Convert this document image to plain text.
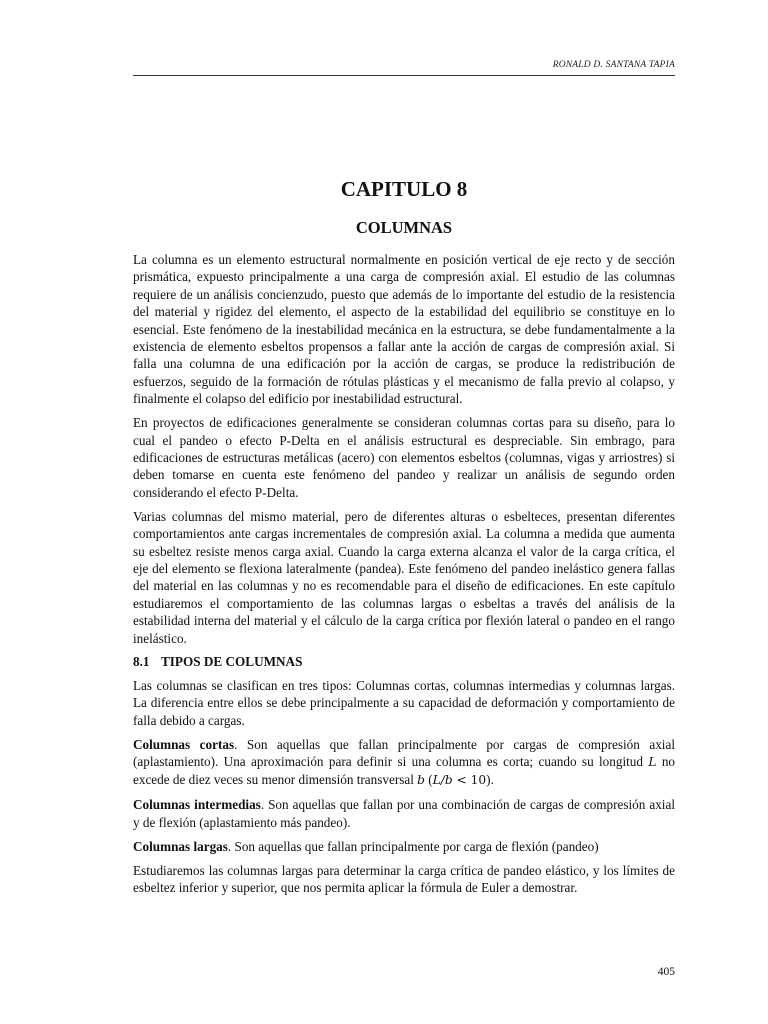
RONALD D. SANTANA TAPIA
CAPITULO 8
COLUMNAS

La columna es un elemento estructural normalmente en posición vertical de eje recto y de sección prismática, expuesto principalmente a una carga de compresión axial. El estudio de las columnas requiere de un análisis concienzudo, puesto que además de lo importante del estudio de la resistencia del material y rigidez del elemento, el aspecto de la estabilidad del equilibrio se constituye en lo esencial. Este fenómeno de la inestabilidad mecánica en la estructura, se debe fundamentalmente a la existencia de elemento esbeltos propensos a fallar ante la acción de cargas de compresión axial. Si falla una columna de una edificación por la acción de cargas, se produce la redistribución de esfuerzos, seguido de la formación de rótulas plásticas y el mecanismo de falla previo al colapso, y finalmente el colapso del edificio por inestabilidad estructural.

En proyectos de edificaciones generalmente se consideran columnas cortas para su diseño, para lo cual el pandeo o efecto P-Delta en el análisis estructural es despreciable. Sin embrago, para edificaciones de estructuras metálicas (acero) con elementos esbeltos (columnas, vigas y arriostres) si deben tomarse en cuenta este fenómeno del pandeo y realizar un análisis de segundo orden considerando el efecto P-Delta.

Varias columnas del mismo material, pero de diferentes alturas o esbelteces, presentan diferentes comportamientos ante cargas incrementales de compresión axial. La columna a medida que aumenta su esbeltez resiste menos carga axial. Cuando la carga externa alcanza el valor de la carga crítica, el eje del elemento se flexiona lateralmente (pandea). Este fenómeno del pandeo inelástico genera fallas del material en las columnas y no es recomendable para el diseño de edificaciones. En este capítulo estudiaremos el comportamiento de las columnas largas o esbeltas a través del análisis de la estabilidad interna del material y el cálculo de la carga crítica por flexión lateral o pandeo en el rango inelástico.

8.1 TIPOS DE COLUMNAS

Las columnas se clasifican en tres tipos: Columnas cortas, columnas intermedias y columnas largas. La diferencia entre ellos se debe principalmente a su capacidad de deformación y comportamiento de falla debido a cargas.

Columnas cortas. Son aquellas que fallan principalmente por cargas de compresión axial (aplastamiento). Una aproximación para definir si una columna es corta; cuando su longitud L no excede de diez veces su menor dimensión transversal b (L/b < 10).

Columnas intermedias. Son aquellas que fallan por una combinación de cargas de compresión axial y de flexión (aplastamiento más pandeo).

Columnas largas. Son aquellas que fallan principalmente por carga de flexión (pandeo)

Estudiaremos las columnas largas para determinar la carga crítica de pandeo elástico, y los límites de esbeltez inferior y superior, que nos permita aplicar la fórmula de Euler a demostrar.

405
